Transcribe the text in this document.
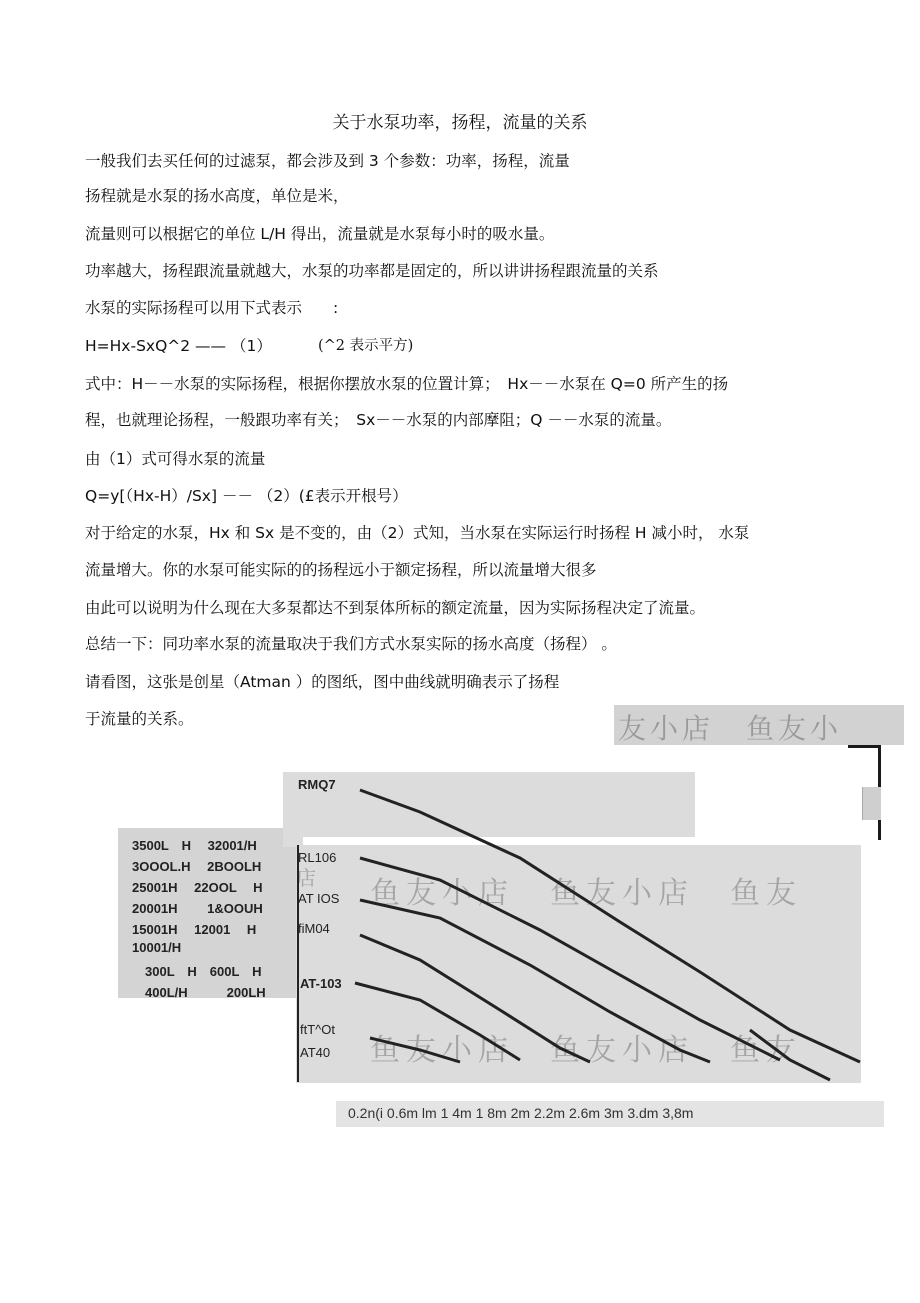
关于水泵功率，扬程，流量的关系
一般我们去买任何的过滤泵，都会涉及到 3 个参数：功率，扬程，流量
扬程就是水泵的扬水高度，单位是米，
流量则可以根据它的单位 L/H 得出，流量就是水泵每小时的吸水量。
功率越大，扬程跟流量就越大，水泵的功率都是固定的，所以讲讲扬程跟流量的关系
水泵的实际扬程可以用下式表示　　:
H=Hx-SxQ^2 —— （1）	(^2 表示平方)
式中：H－－水泵的实际扬程，根据你摆放水泵的位置计算；　Hx－－水泵在 Q=0 所产生的扬
程，也就理论扬程，一般跟功率有关；　Sx－－水泵的内部摩阻；Q －－水泵的流量。
由（1）式可得水泵的流量
Q=y[（Hx-H）/Sx] －－ （2）(£表示开根号）
对于给定的水泵，Hx 和 Sx 是不变的，由（2）式知，当水泵在实际运行时扬程 H 减小时， 水泵
流量增大。你的水泵可能实际的的扬程远小于额定扬程，所以流量增大很多
由此可以说明为什么现在大多泵都达不到泵体所标的额定流量，因为实际扬程决定了流量。
总结一下：同功率水泵的流量取决于我们方式水泵实际的扬水高度（扬程） 。
请看图，这张是创星（Atman ）的图纸，图中曲线就明确表示了扬程
于流量的关系。	友小店　鱼友小
3500L　H　 32001/H
3OOOL.H　 2BOOLH
25001H　 22OOL　 H
20001H　　 1&OOUH
15001H　 12001　 H
10001/H
　300L　H　600L　H
　400L/H　　　200LH
鱼友小店　鱼友小店　鱼友
店
鱼友小店　鱼友小店　鱼友
RMQ7
RL106
AT IOS
fiM04
AT-103
ftT^Ot
AT40
0.2n(i 0.6m lm 1 4m 1 8m 2m 2.2m 2.6m 3m 3.dm 3,8m
